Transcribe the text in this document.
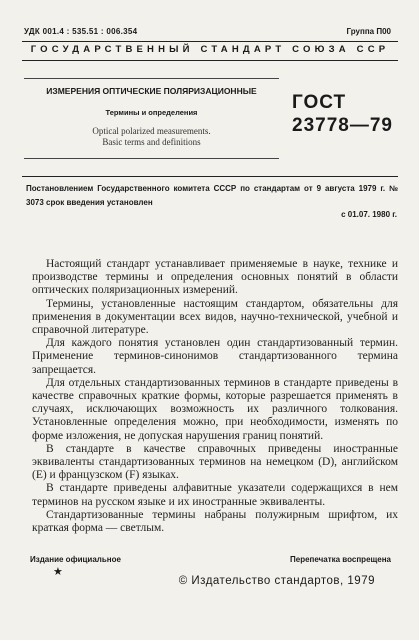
УДК 001.4 : 535.51 : 006.354	Группа П00
ГОСУДАРСТВЕННЫЙ СТАНДАРТ СОЮЗА ССР
ИЗМЕРЕНИЯ ОПТИЧЕСКИЕ ПОЛЯРИЗАЦИОННЫЕ
Термины и определения
Optical polarized measurements.
Basic terms and definitions
ГОСТ
23778—79
Постановлением Государственного комитета СССР по стандартам от 9 августа 1979 г. № 3073 срок введения установлен
с 01.07. 1980 г.

Настоящий стандарт устанавливает применяемые в науке, технике и производстве термины и определения основных понятий в области оптических поляризационных измерений.

Термины, установленные настоящим стандартом, обязательны для применения в документации всех видов, научно-технической, учебной и справочной литературе.

Для каждого понятия установлен один стандартизованный термин. Применение терминов-синонимов стандартизованного термина запрещается.

Для отдельных стандартизованных терминов в стандарте приведены в качестве справочных краткие формы, которые разрешается применять в случаях, исключающих возможность их различного толкования. Установленные определения можно, при необходимости, изменять по форме изложения, не допуская нарушения границ понятий.

В стандарте в качестве справочных приведены иностранные эквиваленты стандартизованных терминов на немецком (D), английском (E) и французском (F) языках.

В стандарте приведены алфавитные указатели содержащихся в нем терминов на русском языке и их иностранные эквиваленты.

Стандартизованные термины набраны полужирным шрифтом, их краткая форма — светлым.

Издание официальное
★
Перепечатка воспрещена
© Издательство стандартов, 1979
